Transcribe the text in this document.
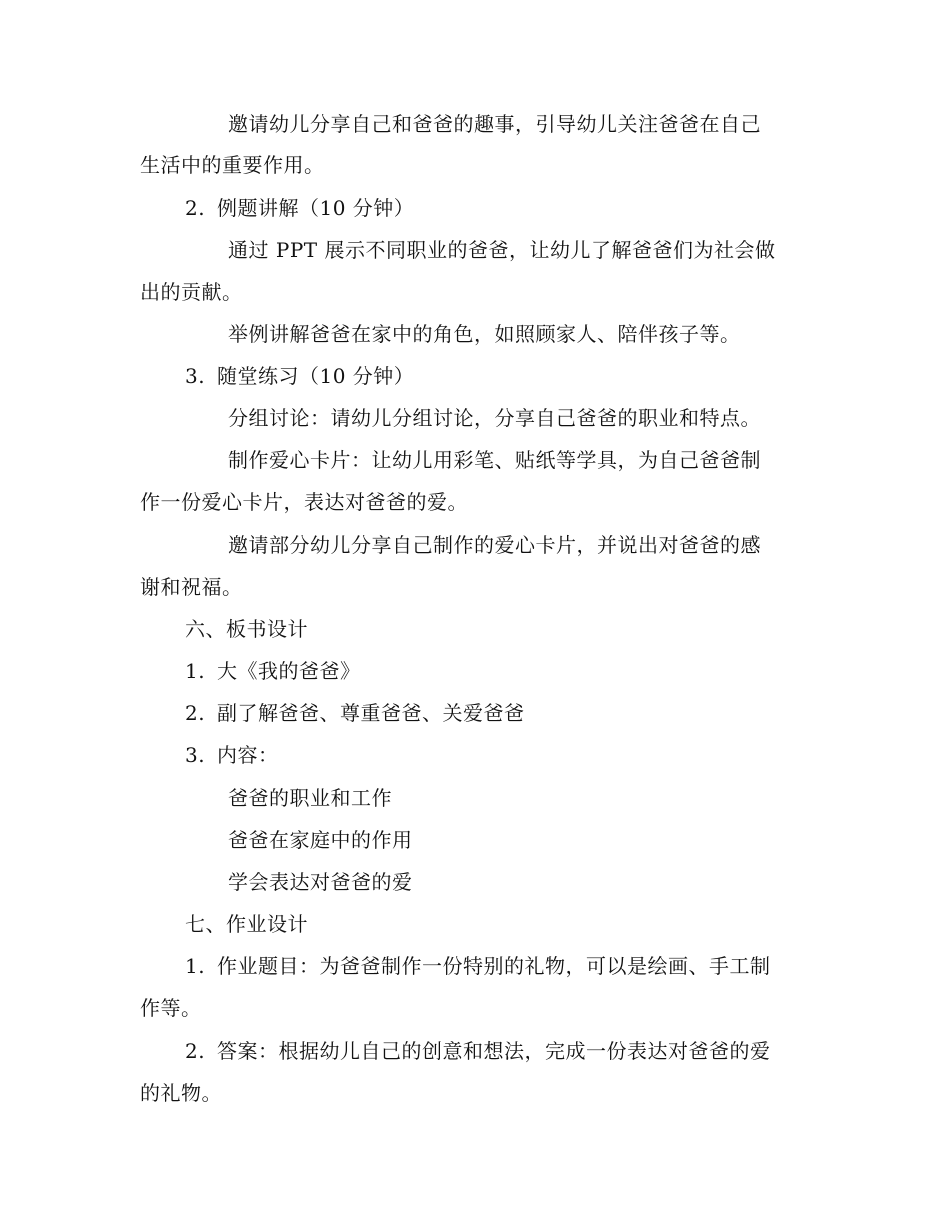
邀请幼儿分享自己和爸爸的趣事，引导幼儿关注爸爸在自己
生活中的重要作用。
2. 例题讲解（10 分钟）
通过 PPT 展示不同职业的爸爸，让幼儿了解爸爸们为社会做
出的贡献。
举例讲解爸爸在家中的角色，如照顾家人、陪伴孩子等。
3. 随堂练习（10 分钟）
分组讨论：请幼儿分组讨论，分享自己爸爸的职业和特点。
制作爱心卡片：让幼儿用彩笔、贴纸等学具，为自己爸爸制
作一份爱心卡片，表达对爸爸的爱。
邀请部分幼儿分享自己制作的爱心卡片，并说出对爸爸的感
谢和祝福。
六、板书设计
1. 大《我的爸爸》
2. 副了解爸爸、尊重爸爸、关爱爸爸
3. 内容：
爸爸的职业和工作
爸爸在家庭中的作用
学会表达对爸爸的爱
七、作业设计
1. 作业题目：为爸爸制作一份特别的礼物，可以是绘画、手工制
作等。
2. 答案：根据幼儿自己的创意和想法，完成一份表达对爸爸的爱
的礼物。
